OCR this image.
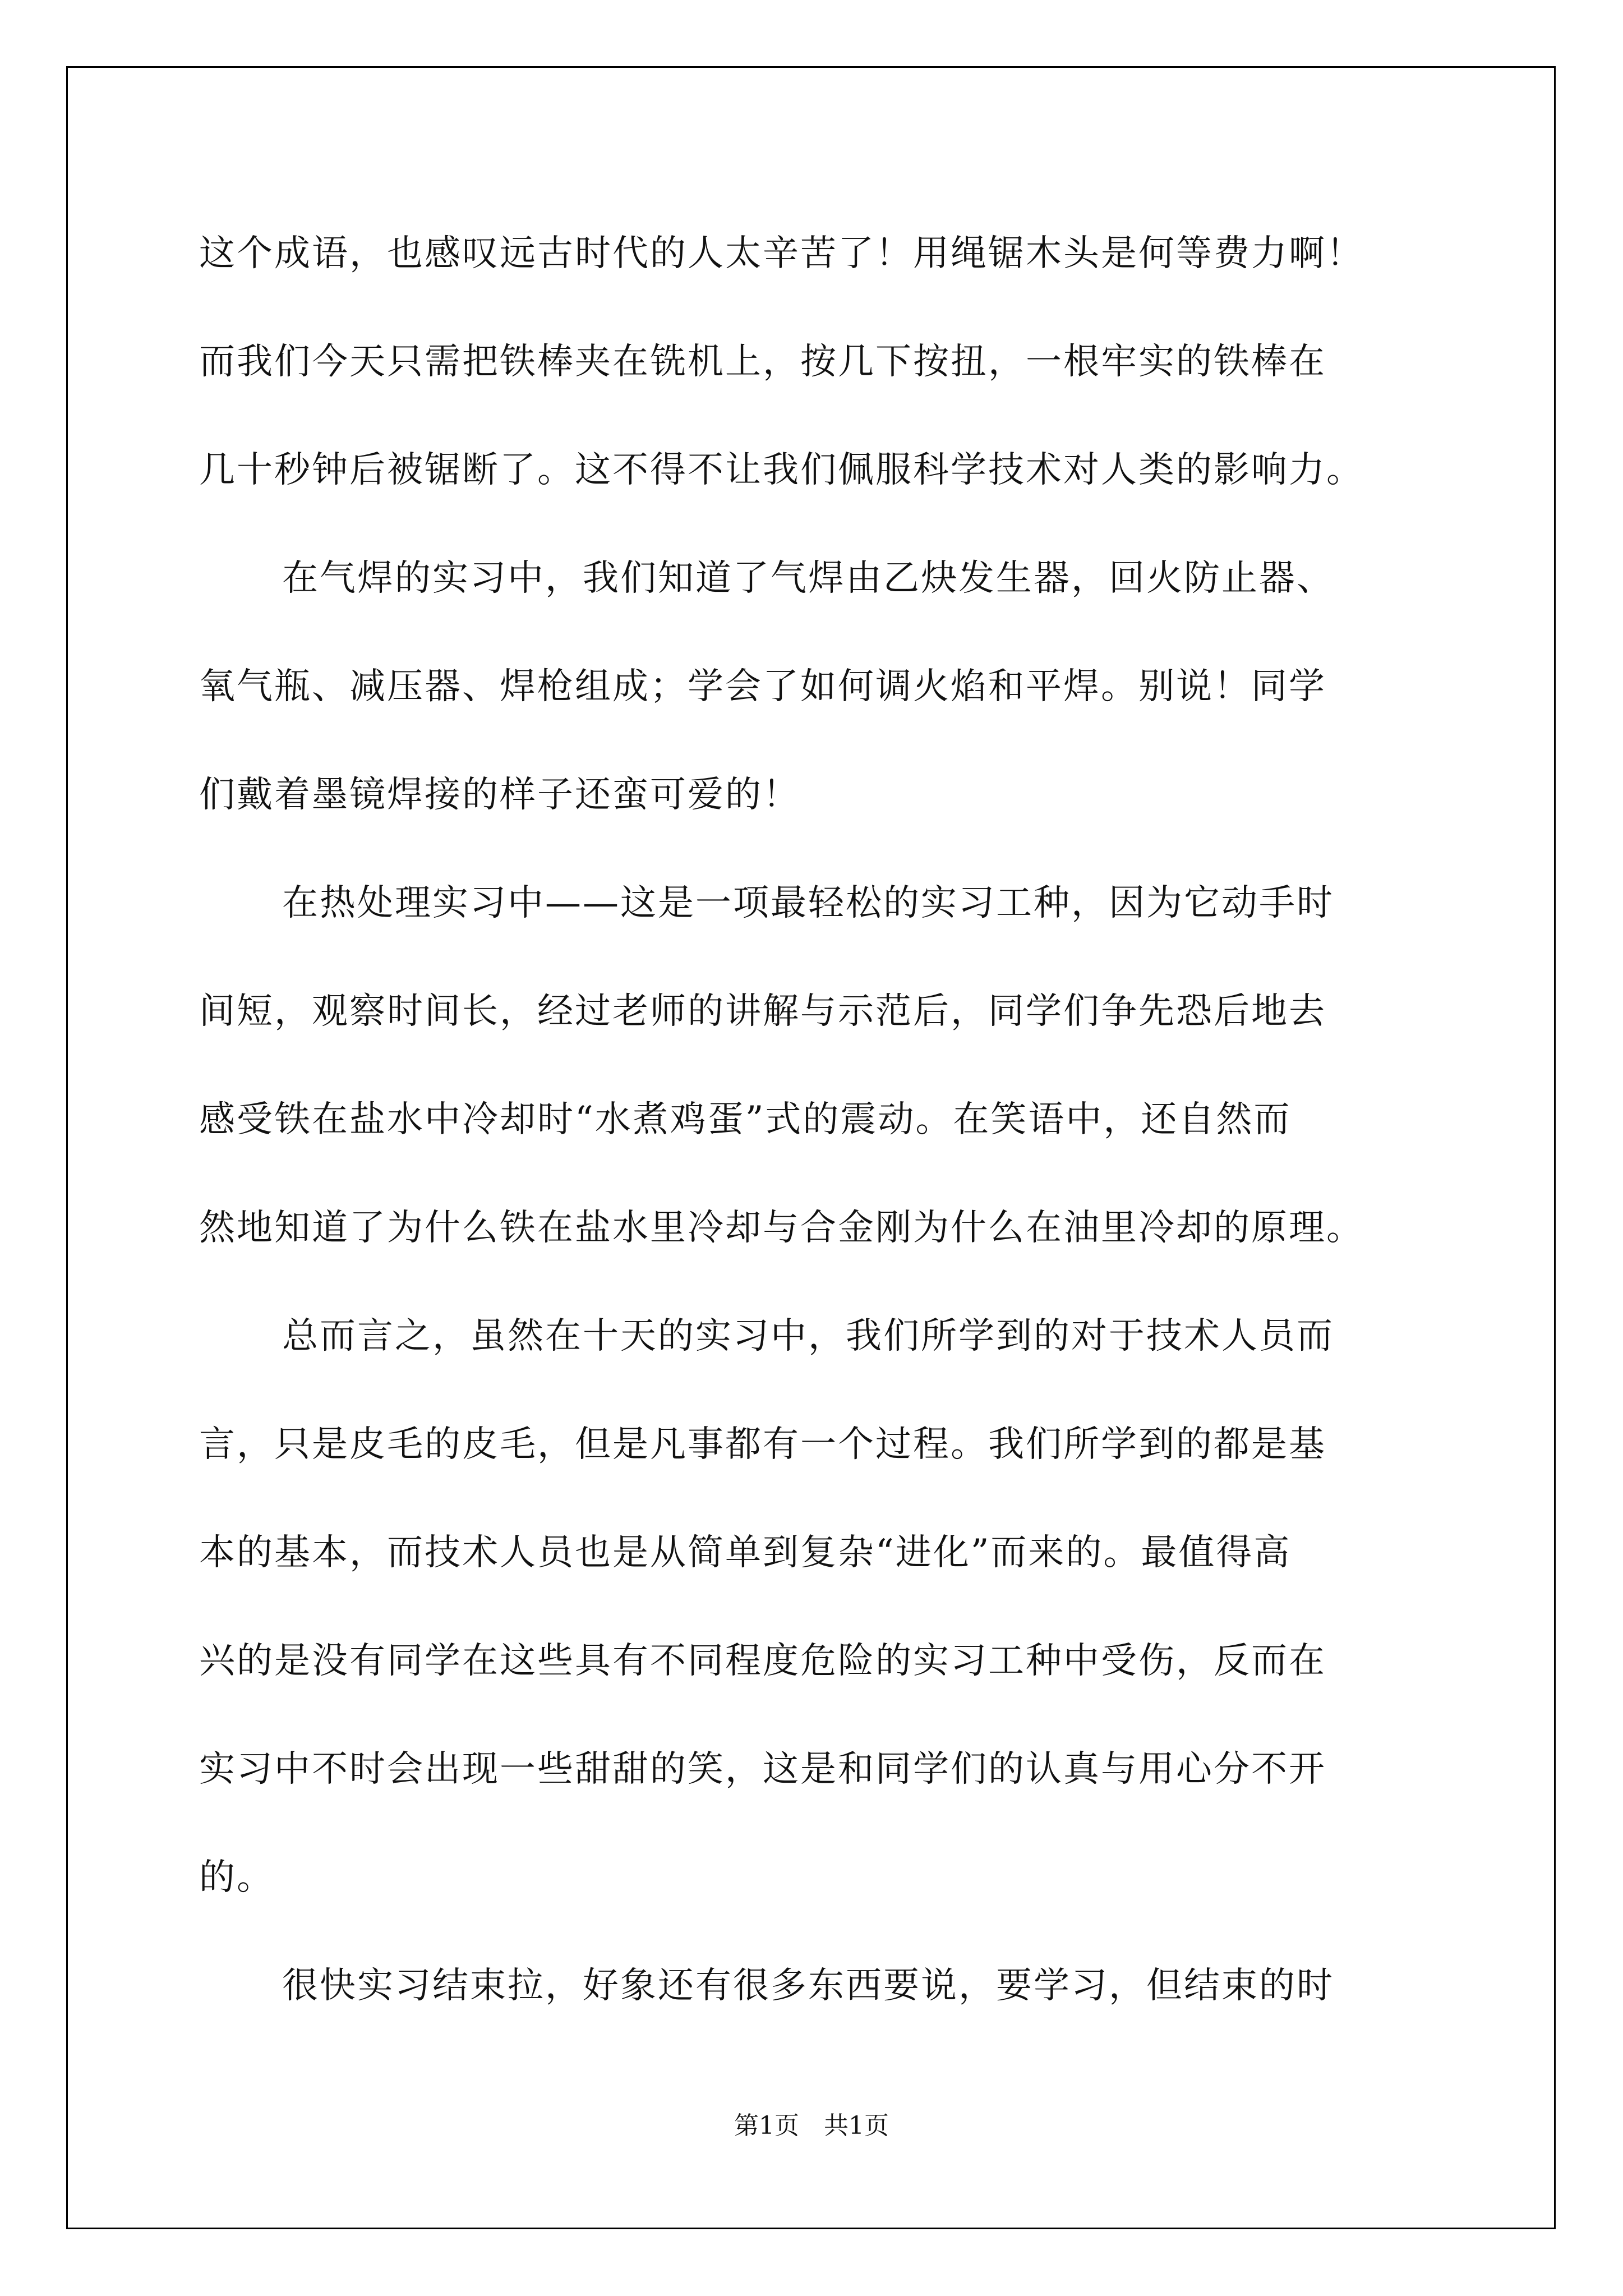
这个成语，也感叹远古时代的人太辛苦了！用绳锯木头是何等费力啊！
而我们今天只需把铁棒夹在铣机上，按几下按扭，一根牢实的铁棒在
几十秒钟后被锯断了。这不得不让我们佩服科学技术对人类的影响力。
在气焊的实习中，我们知道了气焊由乙炔发生器，回火防止器、
氧气瓶、减压器、焊枪组成；学会了如何调火焰和平焊。别说！同学
们戴着墨镜焊接的样子还蛮可爱的！
在热处理实习中——这是一项最轻松的实习工种，因为它动手时
间短，观察时间长，经过老师的讲解与示范后，同学们争先恐后地去
感受铁在盐水中冷却时“水煮鸡蛋”式的震动。在笑语中，还自然而
然地知道了为什么铁在盐水里冷却与合金刚为什么在油里冷却的原理。
总而言之，虽然在十天的实习中，我们所学到的对于技术人员而
言，只是皮毛的皮毛，但是凡事都有一个过程。我们所学到的都是基
本的基本，而技术人员也是从简单到复杂“进化”而来的。最值得高
兴的是没有同学在这些具有不同程度危险的实习工种中受伤，反而在
实习中不时会出现一些甜甜的笑，这是和同学们的认真与用心分不开
的。
很快实习结束拉，好象还有很多东西要说，要学习，但结束的时
第1页　共1页
